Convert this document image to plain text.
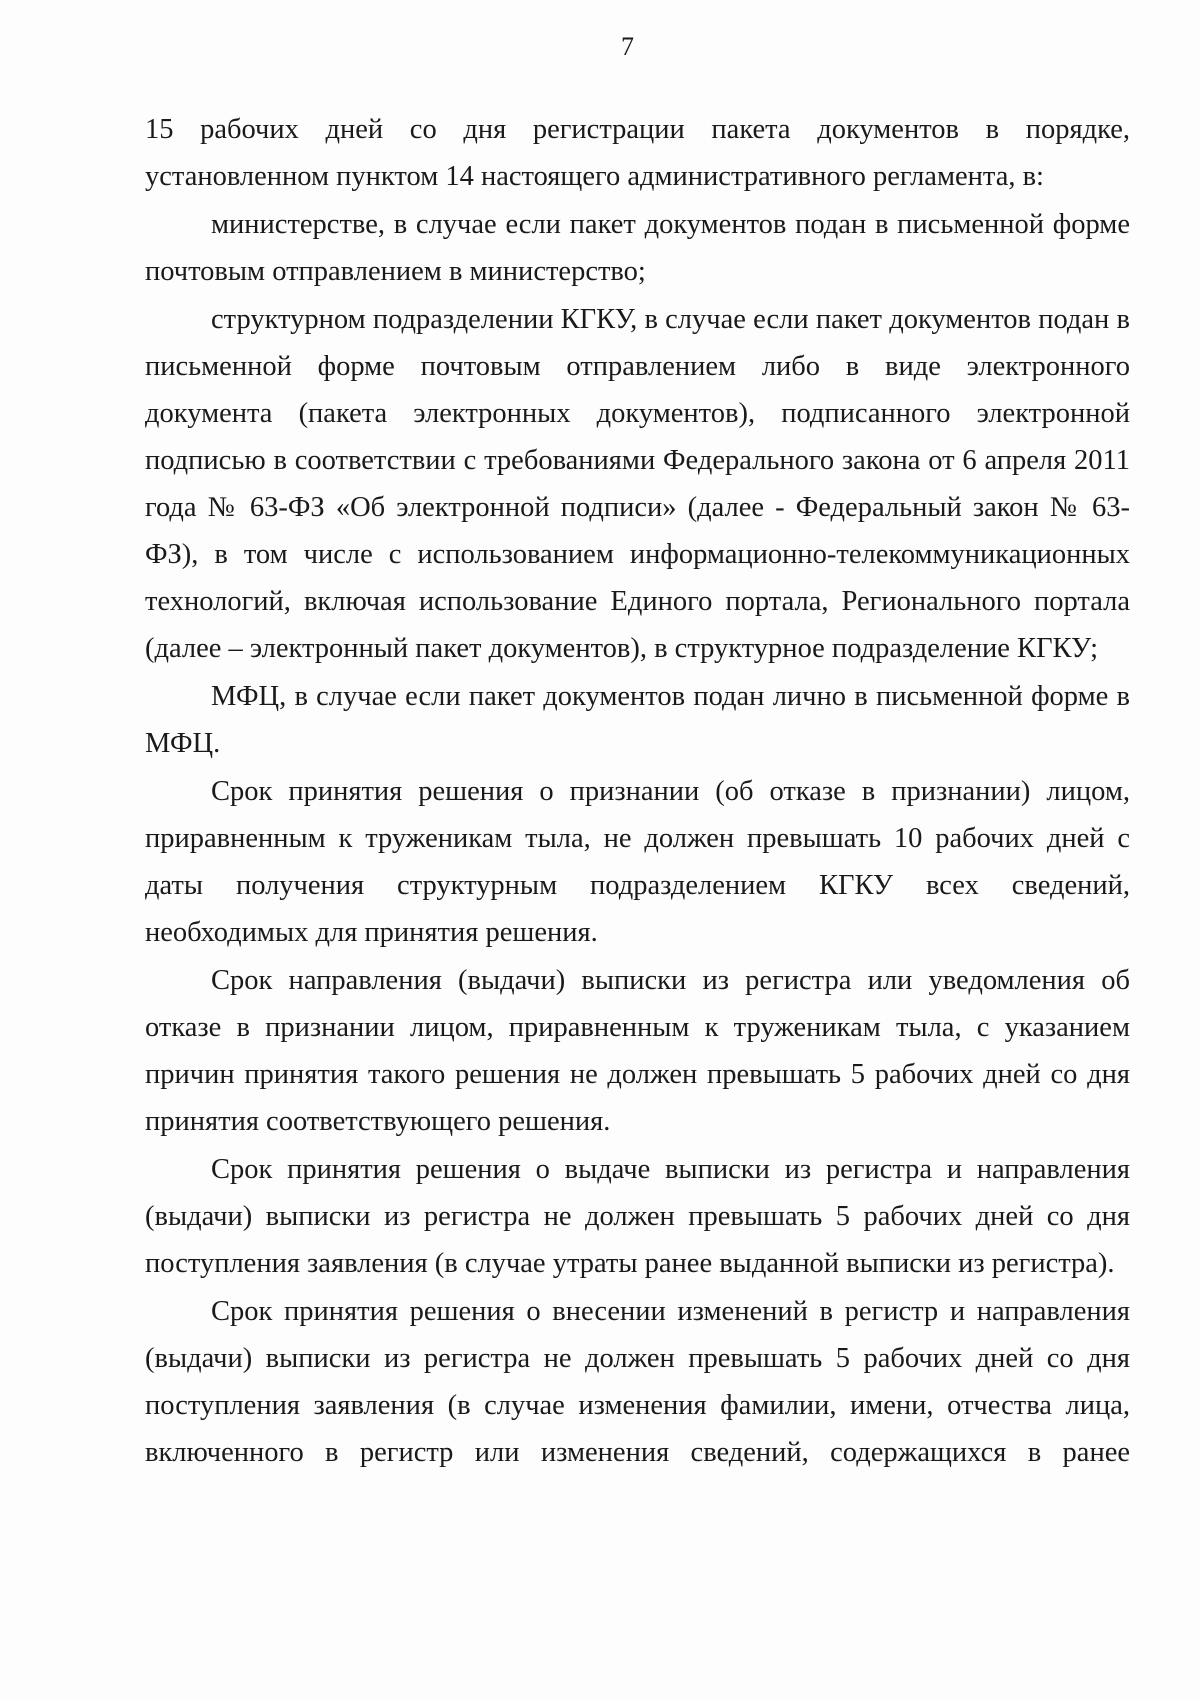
7

15 рабочих дней со дня регистрации пакета документов в порядке, установленном пунктом 14 настоящего административного регламента, в:

министерстве, в случае если пакет документов подан в письменной форме почтовым отправлением в министерство;

структурном подразделении КГКУ, в случае если пакет документов подан в письменной форме почтовым отправлением либо в виде электронного документа (пакета электронных документов), подписанного электронной подписью в соответствии с требованиями Федерального закона от 6 апреля 2011 года № 63-ФЗ «Об электронной подписи» (далее - Федеральный закон № 63-ФЗ), в том числе с использованием информационно-телекоммуникационных технологий, включая использование Единого портала, Регионального портала (далее – электронный пакет документов), в структурное подразделение КГКУ;

МФЦ, в случае если пакет документов подан лично в письменной форме в МФЦ.

Срок принятия решения о признании (об отказе в признании) лицом, приравненным к труженикам тыла, не должен превышать 10 рабочих дней с даты получения структурным подразделением КГКУ всех сведений, необходимых для принятия решения.

Срок направления (выдачи) выписки из регистра или уведомления об отказе в признании лицом, приравненным к труженикам тыла, с указанием причин принятия такого решения не должен превышать 5 рабочих дней со дня принятия соответствующего решения.

Срок принятия решения о выдаче выписки из регистра и направления (выдачи) выписки из регистра не должен превышать 5 рабочих дней со дня поступления заявления (в случае утраты ранее выданной выписки из регистра).

Срок принятия решения о внесении изменений в регистр и направления (выдачи) выписки из регистра не должен превышать 5 рабочих дней со дня поступления заявления (в случае изменения фамилии, имени, отчества лица, включенного в регистр или изменения сведений, содержащихся в ранее
